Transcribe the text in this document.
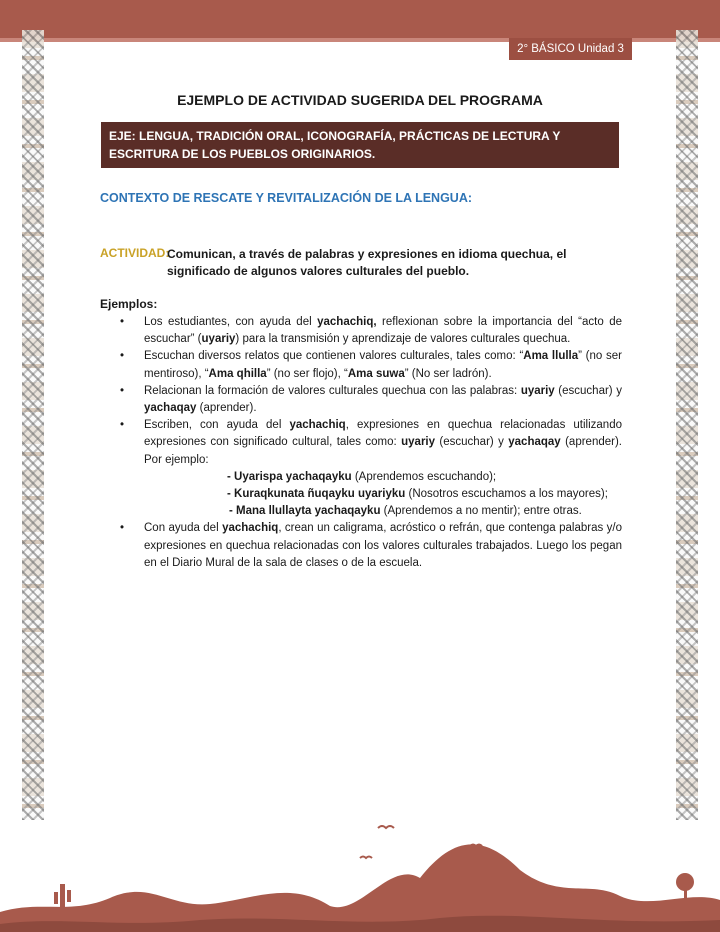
2° BÁSICO Unidad 3
EJEMPLO DE ACTIVIDAD SUGERIDA DEL PROGRAMA
EJE: LENGUA, TRADICIÓN ORAL, ICONOGRAFÍA, PRÁCTICAS DE LECTURA Y ESCRITURA DE LOS PUEBLOS ORIGINARIOS.
CONTEXTO DE RESCATE Y REVITALIZACIÓN DE LA LENGUA:
ACTIVIDAD:
Comunican, a través de palabras y expresiones en idioma quechua, el significado de algunos valores culturales del pueblo.
Ejemplos:
• Los estudiantes, con ayuda del yachachiq, reflexionan sobre la importancia del “acto de escuchar” (uyariy) para la transmisión y aprendizaje de valores culturales quechua.
• Escuchan diversos relatos que contienen valores culturales, tales como: “Ama llulla” (no ser mentiroso), “Ama qhilla” (no ser flojo), “Ama suwa” (No ser ladrón).
• Relacionan la formación de valores culturales quechua con las palabras: uyariy (escuchar) y yachaqay (aprender).
• Escriben, con ayuda del yachachiq, expresiones en quechua relacionadas utilizando expresiones con significado cultural, tales como: uyariy (escuchar) y yachaqay (aprender). Por ejemplo:
- Uyarispa yachaqayku (Aprendemos escuchando);
- Kuraqkunata ñuqayku uyariyku (Nosotros escuchamos a los mayores);
- Mana llullayta yachaqayku (Aprendemos a no mentir); entre otras.
• Con ayuda del yachachiq, crean un caligrama, acróstico o refrán, que contenga palabras y/o expresiones en quechua relacionadas con los valores culturales trabajados. Luego los pegan en el Diario Mural de la sala de clases o de la escuela.
